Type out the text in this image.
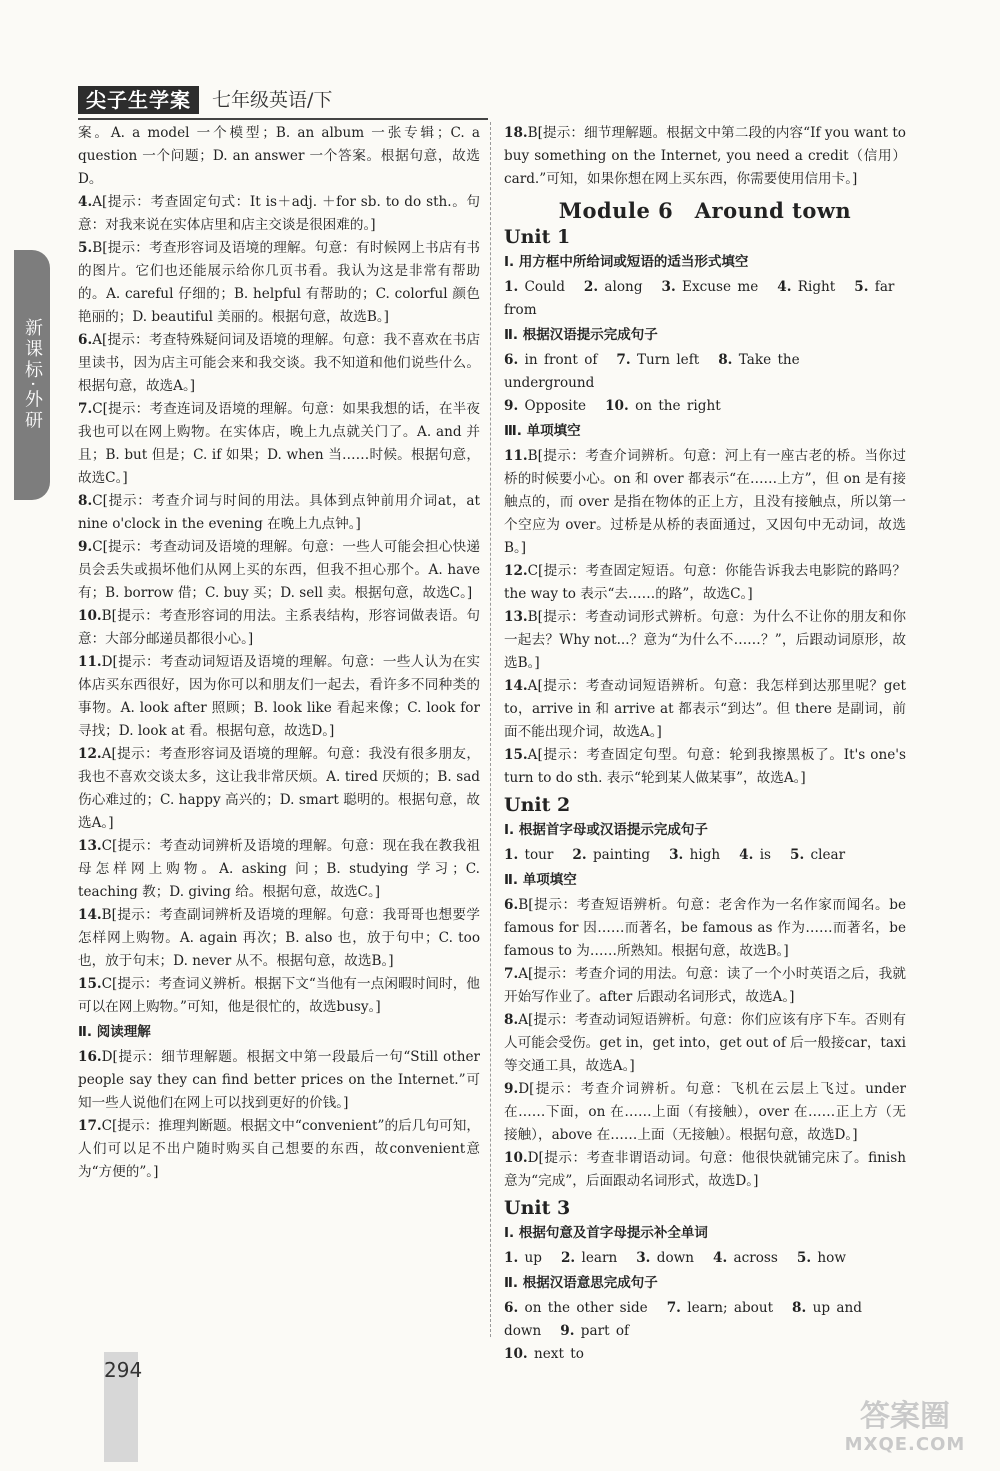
尖子生学案	七年级英语/下
新课标·外研

案。A. a model 一个模型；B. an album 一张专辑；C. a question 一个问题；D. an answer 一个答案。根据句意，故选D。

4.A[提示：考查固定句式：It is＋adj. ＋for sb. to do sth.。句意：对我来说在实体店里和店主交谈是很困难的。]

5.B[提示：考查形容词及语境的理解。句意：有时候网上书店有书的图片。它们也还能展示给你几页书看。我认为这是非常有帮助的。A. careful 仔细的；B. helpful 有帮助的；C. colorful 颜色艳丽的；D. beautiful 美丽的。根据句意，故选B。]

6.A[提示：考查特殊疑问词及语境的理解。句意：我不喜欢在书店里读书，因为店主可能会来和我交谈。我不知道和他们说些什么。根据句意，故选A。]

7.C[提示：考查连词及语境的理解。句意：如果我想的话，在半夜我也可以在网上购物。在实体店，晚上九点就关门了。A. and 并且；B. but 但是；C. if 如果；D. when 当……时候。根据句意，故选C。]

8.C[提示：考查介词与时间的用法。具体到点钟前用介词at，at nine o'clock in the evening 在晚上九点钟。]

9.C[提示：考查动词及语境的理解。句意：一些人可能会担心快递员会丢失或损坏他们从网上买的东西，但我不担心那个。A. have 有；B. borrow 借；C. buy 买；D. sell 卖。根据句意，故选C。]

10.B[提示：考查形容词的用法。主系表结构，形容词做表语。句意：大部分邮递员都很小心。]

11.D[提示：考查动词短语及语境的理解。句意：一些人认为在实体店买东西很好，因为你可以和朋友们一起去，看许多不同种类的事物。A. look after 照顾；B. look like 看起来像；C. look for 寻找；D. look at 看。根据句意，故选D。]

12.A[提示：考查形容词及语境的理解。句意：我没有很多朋友，我也不喜欢交谈太多，这让我非常厌烦。A. tired 厌烦的；B. sad 伤心难过的；C. happy 高兴的；D. smart 聪明的。根据句意，故选A。]

13.C[提示：考查动词辨析及语境的理解。句意：现在我在教我祖母怎样网上购物。A. asking 问；B. studying 学习；C. teaching 教；D. giving 给。根据句意，故选C。]

14.B[提示：考查副词辨析及语境的理解。句意：我哥哥也想要学怎样网上购物。A. again 再次；B. also 也，放于句中；C. too 也，放于句末；D. never 从不。根据句意，故选B。]

15.C[提示：考查词义辨析。根据下文“当他有一点闲暇时间时，他可以在网上购物。”可知，他是很忙的，故选busy。]

Ⅱ. 阅读理解

16.D[提示：细节理解题。根据文中第一段最后一句“Still other people say they can find better prices on the Internet.”可知一些人说他们在网上可以找到更好的价钱。]

17.C[提示：推理判断题。根据文中“convenient”的后几句可知，人们可以足不出户随时购买自己想要的东西，故convenient意为“方便的”。]

18.B[提示：细节理解题。根据文中第二段的内容“If you want to buy something on the Internet, you need a credit（信用）card.”可知，如果你想在网上买东西，你需要使用信用卡。]

Module 6　Around town
Unit 1
Ⅰ. 用方框中所给词或短语的适当形式填空

1. Could 2. along 3. Excuse me 4. Right 5. far from

Ⅱ. 根据汉语提示完成句子

6. in front of 7. Turn left 8. Take the underground

9. Opposite 10. on the right

Ⅲ. 单项填空

11.B[提示：考查介词辨析。句意：河上有一座古老的桥。当你过桥的时候要小心。on 和 over 都表示“在……上方”，但 on 是有接触点的，而 over 是指在物体的正上方，且没有接触点，所以第一个空应为 over。过桥是从桥的表面通过，又因句中无动词，故选B。]

12.C[提示：考查固定短语。句意：你能告诉我去电影院的路吗？the way to 表示“去……的路”，故选C。]

13.B[提示：考查动词形式辨析。句意：为什么不让你的朋友和你一起去？Why not...？意为“为什么不……？”，后跟动词原形，故选B。]

14.A[提示：考查动词短语辨析。句意：我怎样到达那里呢？get to，arrive in 和 arrive at 都表示“到达”。但 there 是副词，前面不能出现介词，故选A。]

15.A[提示：考查固定句型。句意：轮到我擦黑板了。It's one's turn to do sth. 表示“轮到某人做某事”，故选A。]

Unit 2
Ⅰ. 根据首字母或汉语提示完成句子

1. tour 2. painting 3. high 4. is 5. clear

Ⅱ. 单项填空

6.B[提示：考查短语辨析。句意：老舍作为一名作家而闻名。be famous for 因……而著名，be famous as 作为……而著名，be famous to 为……所熟知。根据句意，故选B。]

7.A[提示：考查介词的用法。句意：读了一个小时英语之后，我就开始写作业了。after 后跟动名词形式，故选A。]

8.A[提示：考查动词短语辨析。句意：你们应该有序下车。否则有人可能会受伤。get in，get into，get out of 后一般接car，taxi 等交通工具，故选A。]

9.D[提示：考查介词辨析。句意：飞机在云层上飞过。under 在……下面，on 在……上面（有接触），over 在……正上方（无接触），above 在……上面（无接触）。根据句意，故选D。]

10.D[提示：考查非谓语动词。句意：他很快就铺完床了。finish 意为“完成”，后面跟动名词形式，故选D。]

Unit 3
Ⅰ. 根据句意及首字母提示补全单词

1. up 2. learn 3. down 4. across 5. how

Ⅱ. 根据汉语意思完成句子

6. on the other side 7. learn; about 8. up and down 9. part of

10. next to

294
答案圈
MXQE.COM
